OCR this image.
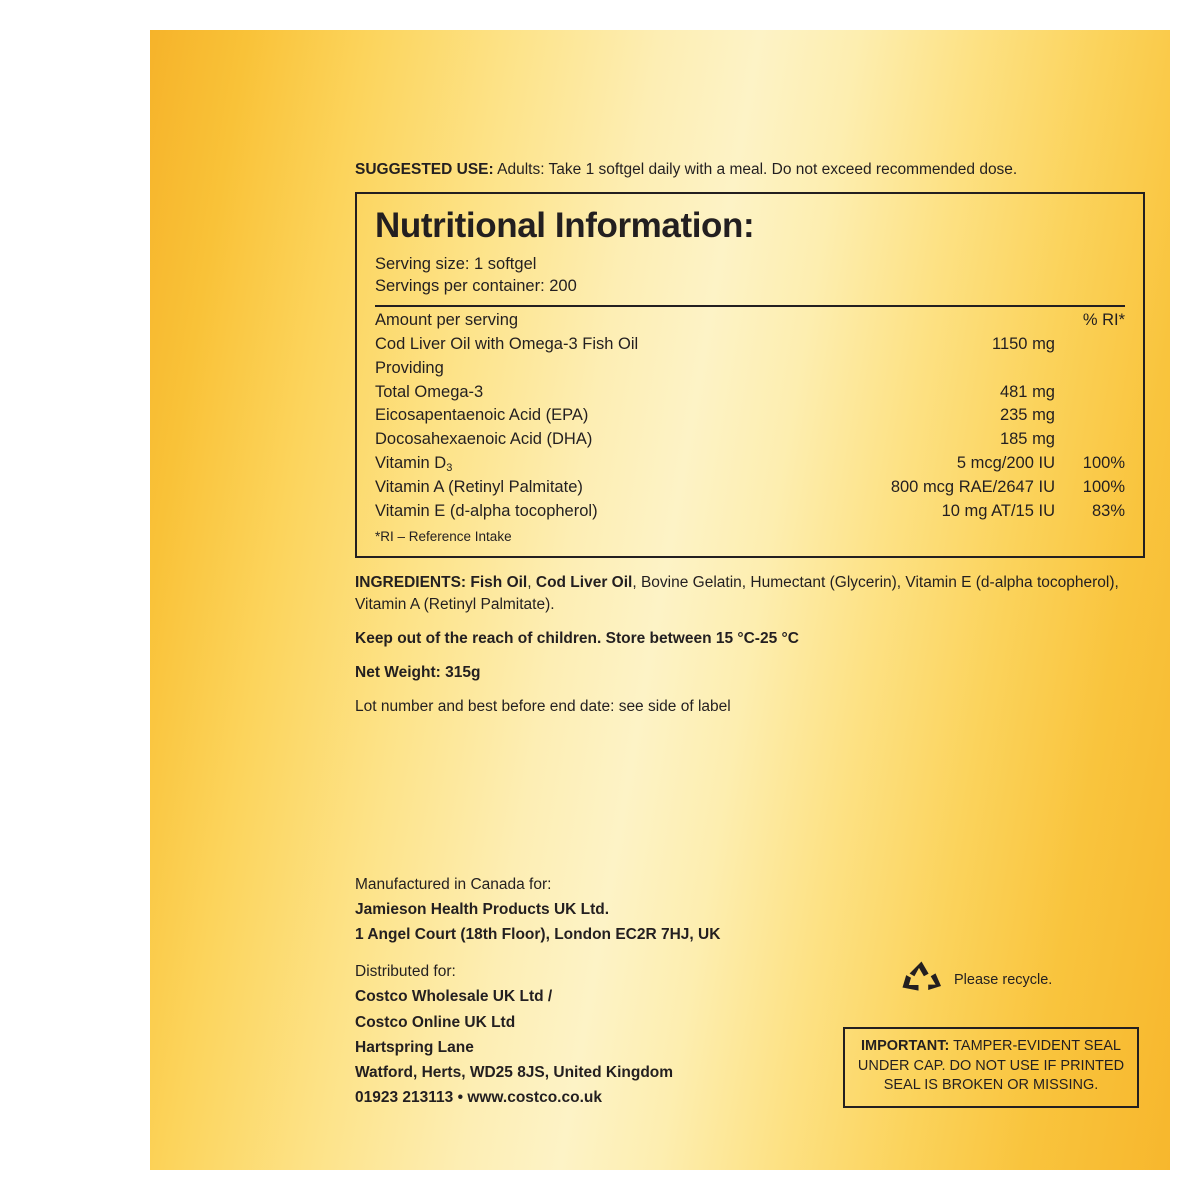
SUGGESTED USE: Adults: Take 1 softgel daily with a meal. Do not exceed recommended dose.
Nutritional Information:
Serving size: 1 softgel
Servings per container: 200
Amount per serving		% RI*
Cod Liver Oil with Omega-3 Fish Oil	1150 mg	
Providing		
Total Omega-3	481 mg	
Eicosapentaenoic Acid (EPA)	235 mg	
Docosahexaenoic Acid (DHA)	185 mg	
Vitamin $D_3$	5 mcg/200 IU	100%
Vitamin A (Retinyl Palmitate)	800 mcg RAE/2647 IU	100%
Vitamin E (d-alpha tocopherol)	10 mg AT/15 IU	83%
*RI – Reference Intake
INGREDIENTS: Fish Oil, Cod Liver Oil, Bovine Gelatin, Humectant (Glycerin), Vitamin E (d-alpha tocopherol), Vitamin A (Retinyl Palmitate).
Keep out of the reach of children. Store between 15 °C-25 °C
Net Weight: 315g
Lot number and best before end date: see side of label
Manufactured in Canada for:
Jamieson Health Products UK Ltd.
1 Angel Court (18th Floor), London EC2R 7HJ, UK
Distributed for:
Costco Wholesale UK Ltd /
Costco Online UK Ltd
Hartspring Lane
Watford, Herts, WD25 8JS, United Kingdom
01923 213113 • www.costco.co.uk
Please recycle.
IMPORTANT: TAMPER-EVIDENT SEAL UNDER CAP. DO NOT USE IF PRINTED SEAL IS BROKEN OR MISSING.
